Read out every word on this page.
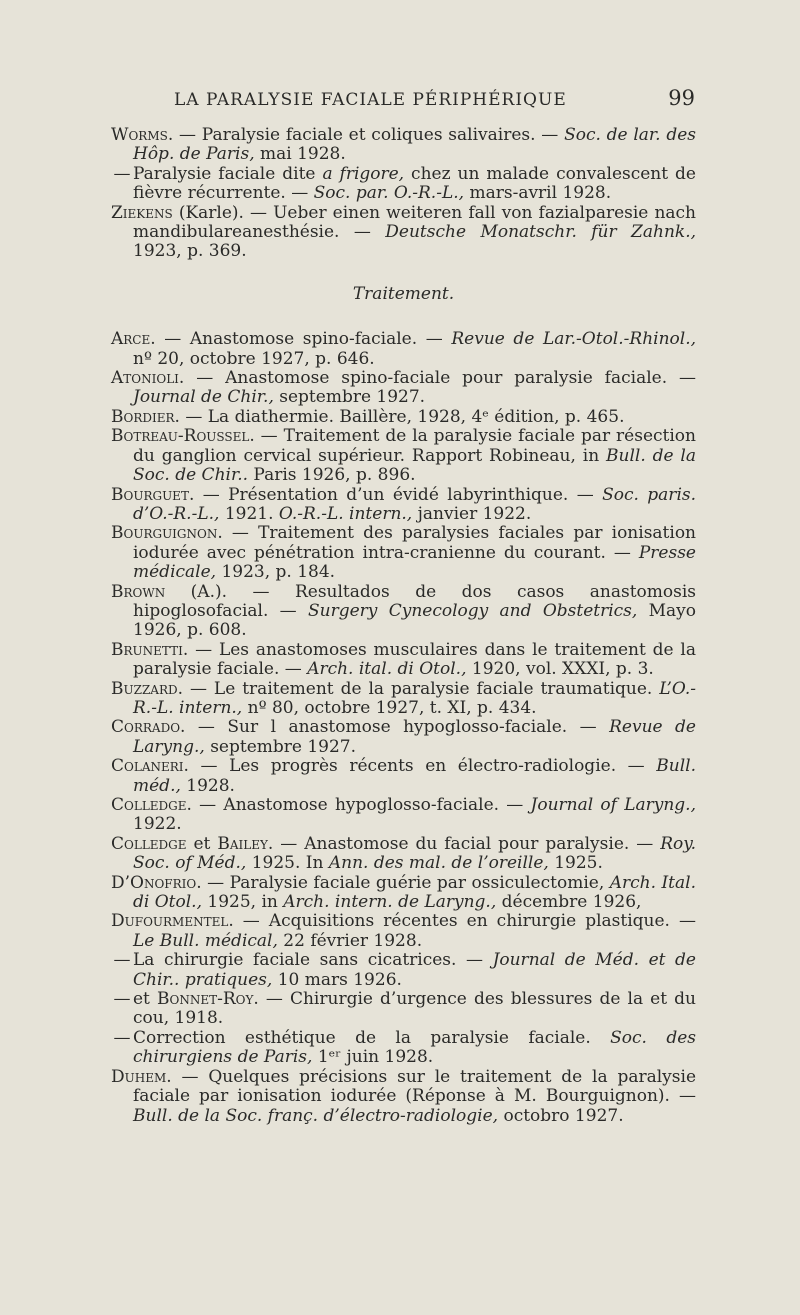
LA PARALYSIE FACIALE PÉRIPHÉRIQUE	99
Worms. — Paralysie faciale et coliques salivaires. — Soc. de lar. des Hôp. de Paris, mai 1928.
— Paralysie faciale dite a frigore, chez un malade convalescent de fièvre récurrente. — Soc. par. O.-R.-L., mars-avril 1928.
Ziekens (Karle). — Ueber einen weiteren fall von fazialparesie nach mandibulareanesthésie. — Deutsche Monatschr. für Zahnk., 1923, p. 369.
Traitement.
Arce. — Anastomose spino-faciale. — Revue de Lar.-Otol.-Rhinol., nº 20, octobre 1927, p. 646.
Atonioli. — Anastomose spino-faciale pour paralysie faciale. — Journal de Chir., septembre 1927.
Bordier. — La diathermie. Baillère, 1928, 4ᵉ édition, p. 465.
Botreau-Roussel. — Traitement de la paralysie faciale par résection du ganglion cervical supérieur. Rapport Robineau, in Bull. de la Soc. de Chir.. Paris 1926, p. 896.
Bourguet. — Présentation d’un évidé labyrinthique. — Soc. paris. d’O.-R.-L., 1921. O.-R.-L. intern., janvier 1922.
Bourguignon. — Traitement des paralysies faciales par ionisation iodurée avec pénétration intra-cranienne du courant. — Presse médicale, 1923, p. 184.
Brown (A.). — Resultados de dos casos anastomosis hipoglosofacial. — Surgery Cynecology and Obstetrics, Mayo 1926, p. 608.
Brunetti. — Les anastomoses musculaires dans le traitement de la paralysie faciale. — Arch. ital. di Otol., 1920, vol. XXXI, p. 3.
Buzzard. — Le traitement de la paralysie faciale traumatique. L’O.-R.-L. intern., nº 80, octobre 1927, t. XI, p. 434.
Corrado. — Sur l anastomose hypoglosso-faciale. — Revue de Laryng., septembre 1927.
Colaneri. — Les progrès récents en électro-radiologie. — Bull. méd., 1928.
Colledge. — Anastomose hypoglosso-faciale. — Journal of Laryng., 1922.
Colledge et Bailey. — Anastomose du facial pour paralysie. — Roy. Soc. of Méd., 1925. In Ann. des mal. de l’oreille, 1925.
D’Onofrio. — Paralysie faciale guérie par ossiculectomie, Arch. Ital. di Otol., 1925, in Arch. intern. de Laryng., décembre 1926,
Dufourmentel. — Acquisitions récentes en chirurgie plastique. — Le Bull. médical, 22 février 1928.
— La chirurgie faciale sans cicatrices. — Journal de Méd. et de Chir.. pratiques, 10 mars 1926.
— et Bonnet-Roy. — Chirurgie d’urgence des blessures de la et du cou, 1918.
— Correction esthétique de la paralysie faciale. Soc. des chirurgiens de Paris, 1ᵉʳ juin 1928.
Duhem. — Quelques précisions sur le traitement de la paralysie faciale par ionisation iodurée (Réponse à M. Bourguignon). — Bull. de la Soc. franç. d’électro-radiologie, octobro 1927.
